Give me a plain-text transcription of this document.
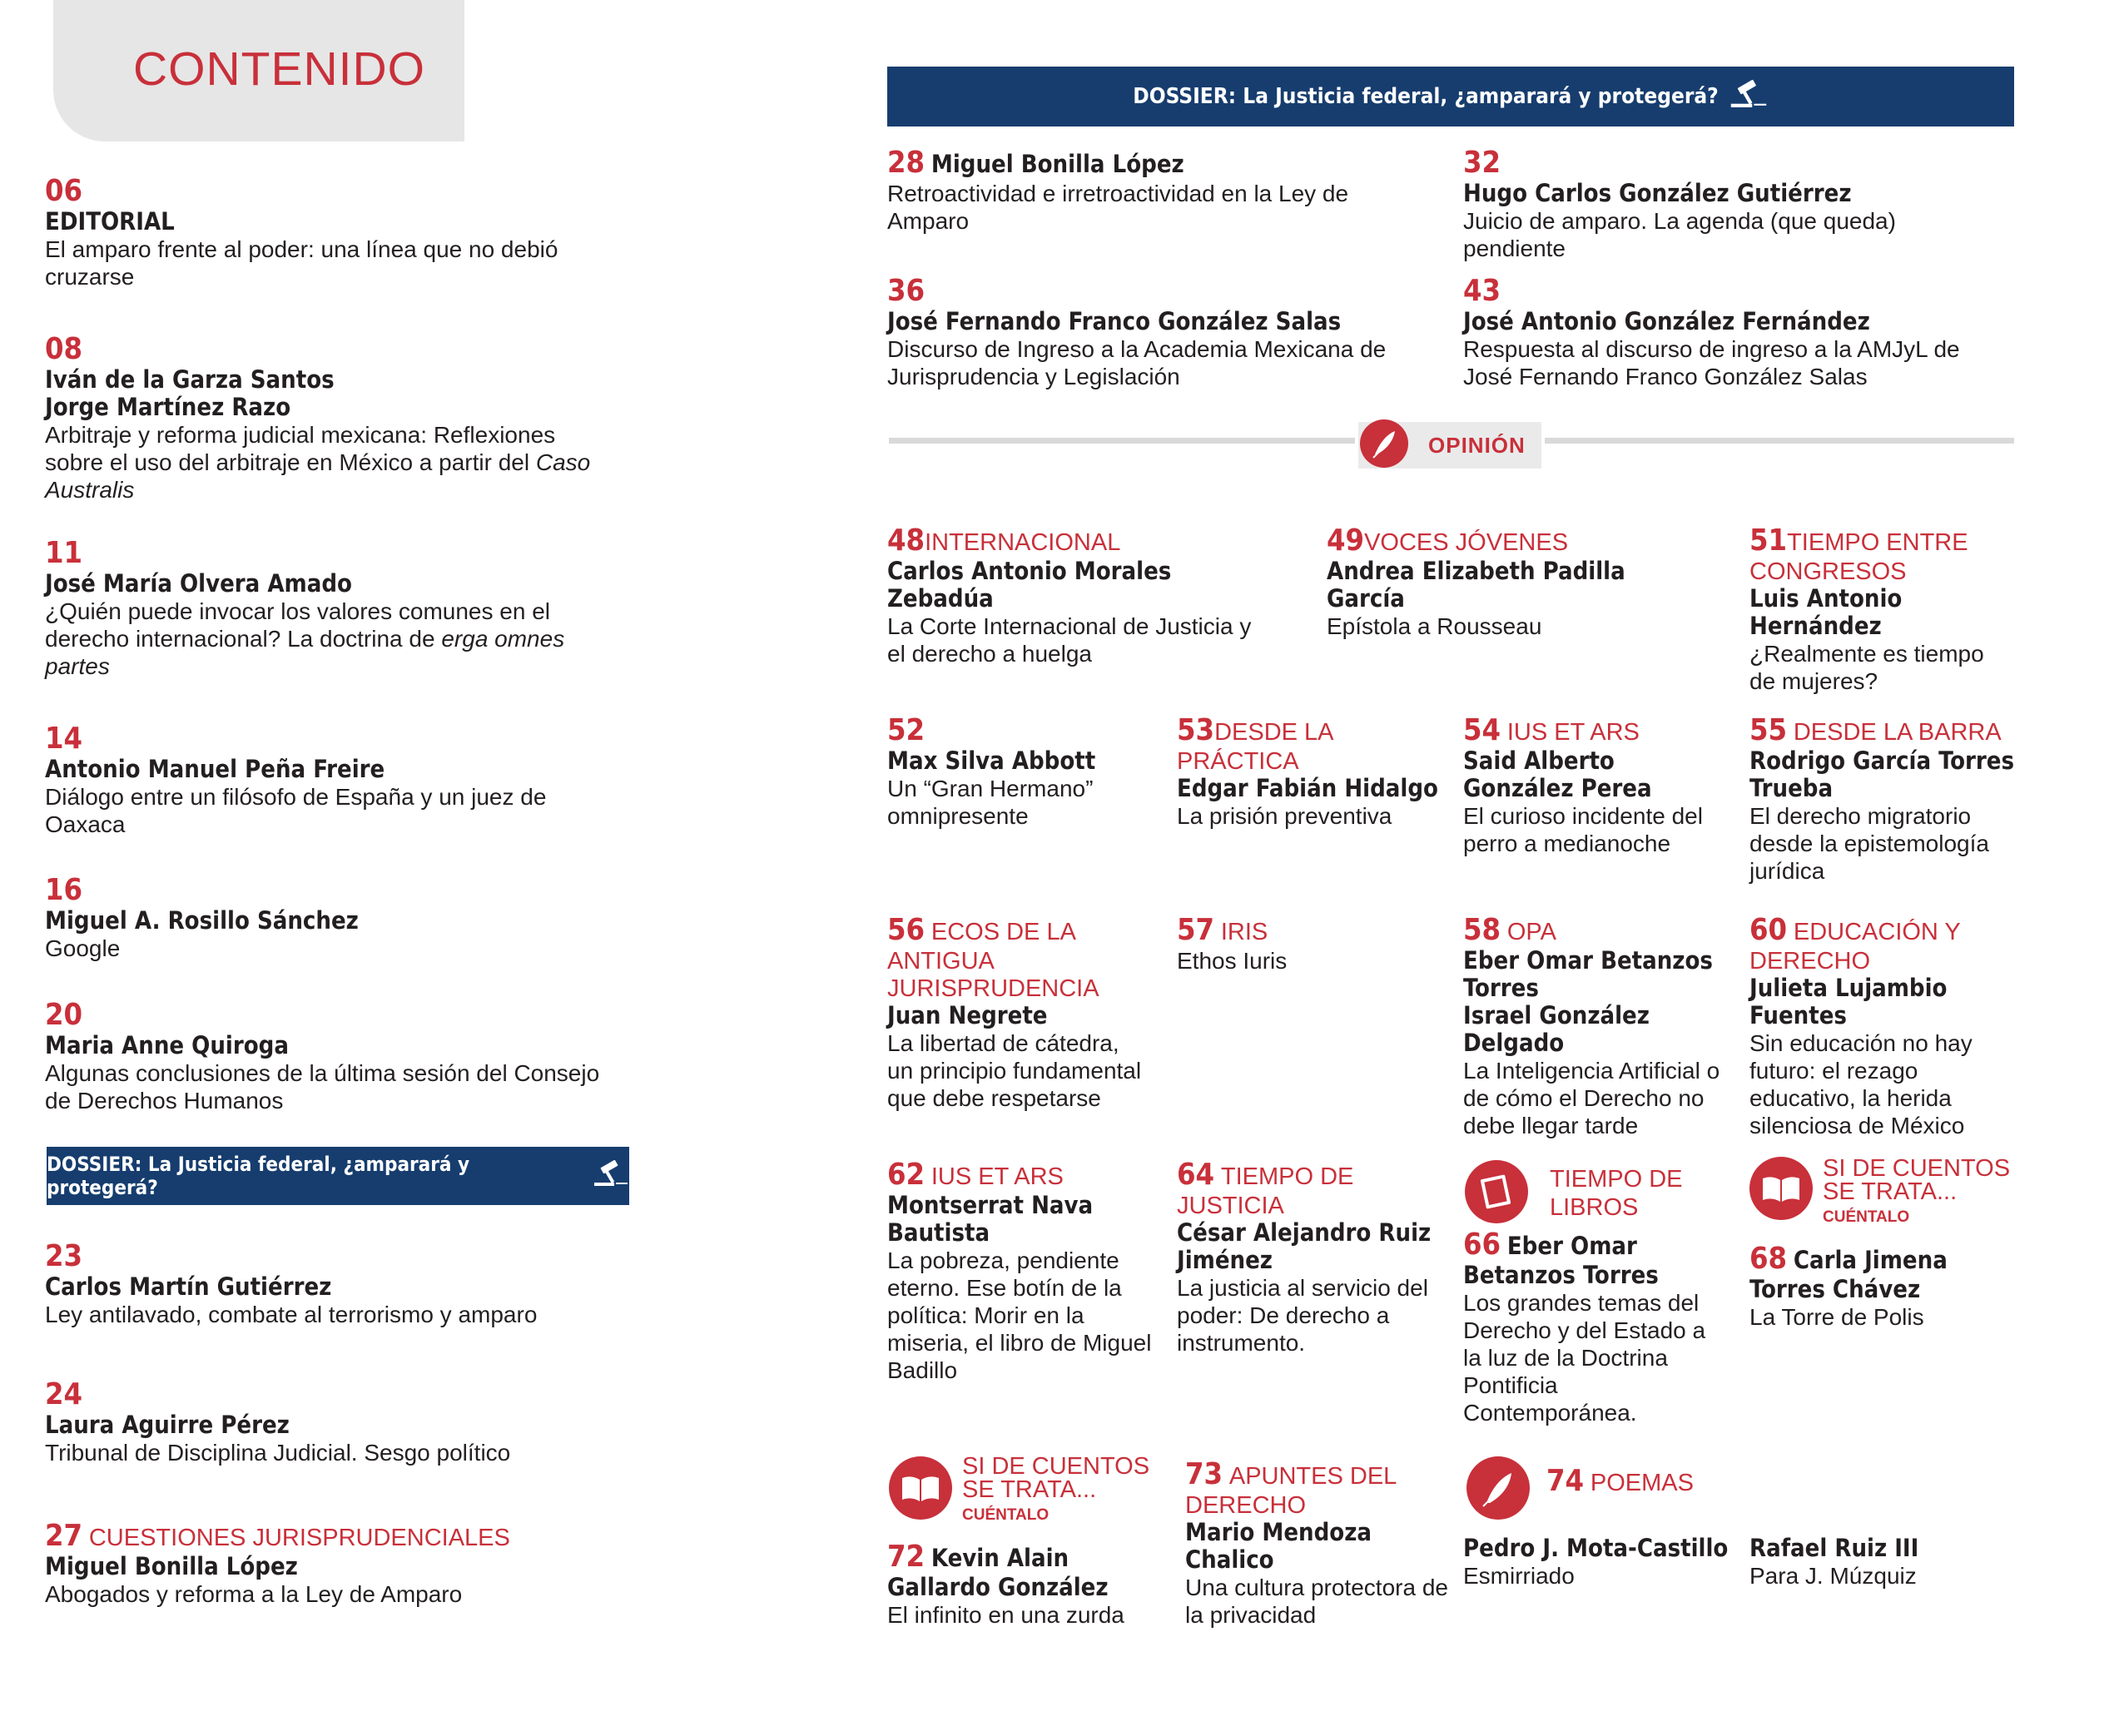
CONTENIDO
06
EDITORIAL
El amparo frente al poder: una línea que no debió cruzarse
08
Iván de la Garza Santos
Jorge Martínez Razo
Arbitraje y reforma judicial mexicana: Reflexiones sobre el uso del arbitraje en México a partir del Caso Australis
11
José María Olvera Amado
¿Quién puede invocar los valores comunes en el derecho internacional? La doctrina de erga omnes partes
14
Antonio Manuel Peña Freire
Diálogo entre un filósofo de España y un juez de Oaxaca
16
Miguel A. Rosillo Sánchez
Google
20
Maria Anne Quiroga
Algunas conclusiones de la última sesión del Consejo de Derechos Humanos
DOSSIER: La Justicia federal, ¿amparará y protegerá?
23
Carlos Martín Gutiérrez
Ley antilavado, combate al terrorismo y amparo
24
Laura Aguirre Pérez
Tribunal de Disciplina Judicial. Sesgo político
27 CUESTIONES JURISPRUDENCIALES
Miguel Bonilla López
Abogados y reforma a la Ley de Amparo
DOSSIER: La Justicia federal, ¿amparará y protegerá?
28 Miguel Bonilla López
Retroactividad e irretroactividad en la Ley de Amparo
32
Hugo Carlos González Gutiérrez
Juicio de amparo. La agenda (que queda) pendiente
36
José Fernando Franco González Salas
Discurso de Ingreso a la Academia Mexicana de Jurisprudencia y Legislación
43
José Antonio González Fernández
Respuesta al discurso de ingreso a la AMJyL de José Fernando Franco González Salas
OPINIÓN
48INTERNACIONAL
Carlos Antonio Morales Zebadúa
La Corte Internacional de Justicia y el derecho a huelga
49VOCES JÓVENES
Andrea Elizabeth Padilla García
Epístola a Rousseau
51TIEMPO ENTRE CONGRESOS
Luis Antonio Hernández
¿Realmente es tiempo de mujeres?
52
Max Silva Abbott
Un “Gran Hermano” omnipresente
53DESDE LA PRÁCTICA
Edgar Fabián Hidalgo
La prisión preventiva
54 IUS ET ARS
Said Alberto González Perea
El curioso incidente del perro a medianoche
55 DESDE LA BARRA
Rodrigo García Torres Trueba
El derecho migratorio desde la epistemología jurídica
56 ECOS DE LA ANTIGUA JURISPRUDENCIA
Juan Negrete
La libertad de cátedra, un principio fundamental que debe respetarse
57 IRIS
Ethos Iuris
58 OPA
Eber Omar Betanzos Torres
Israel González Delgado
La Inteligencia Artificial o de cómo el Derecho no debe llegar tarde
60 EDUCACIÓN Y DERECHO
Julieta Lujambio Fuentes
Sin educación no hay futuro: el rezago educativo, la herida silenciosa de México
62 IUS ET ARS
Montserrat Nava Bautista
La pobreza, pendiente eterno. Ese botín de la política: Morir en la miseria, el libro de Miguel Badillo
64 TIEMPO DE JUSTICIA
César Alejandro Ruiz Jiménez
La justicia al servicio del poder: De derecho a instrumento.
TIEMPO DE LIBROS
66 Eber Omar Betanzos Torres
Los grandes temas del Derecho y del Estado a la luz de la Doctrina Pontificia Contemporánea.
SI DE CUENTOS SE TRATA...
CUÉNTALO
68 Carla Jimena Torres Chávez
La Torre de Polis
SI DE CUENTOS SE TRATA...
CUÉNTALO
72 Kevin Alain Gallardo González
El infinito en una zurda
73 APUNTES DEL DERECHO
Mario Mendoza Chalico
Una cultura protectora de la privacidad
74 POEMAS
Pedro J. Mota-Castillo
Esmirriado
Rafael Ruiz III
Para J. Múzquiz
